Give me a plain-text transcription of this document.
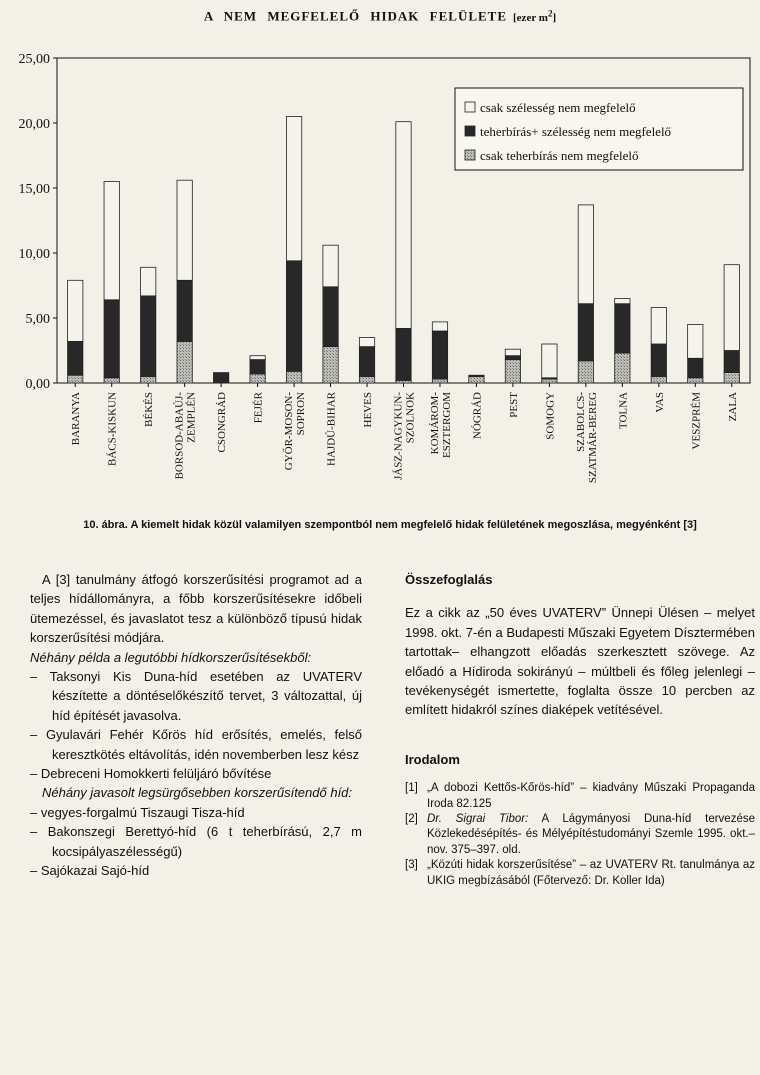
A NEM MEGFELELŐ HIDAK FELÜLETE [ezer $m^2$]
0,00
5,00
10,00
15,00
20,00
25,00
BARANYA BÁCS-KISKUN BÉKÉS BORSOD-ABAÚJ- ZEMPLÉN CSONGRÁD FEJÉR GYŐR-MOSON- SOPRON HAJDÚ-BIHAR HEVES JÁSZ-NAGYKUN- SZOLNOK KOMÁROM- ESZTERGOM NÓGRÁD PEST SOMOGY SZABOLCS- SZATMÁR-BEREG TOLNA VAS VESZPRÉM ZALA
csak szélesség nem megfelelő
teherbírás+ szélesség nem megfelelő
csak teherbírás nem megfelelő
10. ábra. A kiemelt hidak közül valamilyen szempontból nem megfelelő hidak felületének megoszlása, megyénként [3]

A [3] tanulmány átfogó korszerűsítési programot ad a teljes hídállományra, a főbb korszerűsítésekre időbeli ütemezéssel, és javaslatot tesz a különböző típusú hidak korszerűsítési módjára.

Néhány példa a legutóbbi hídkorszerűsítésekből:

– Taksonyi Kis Duna-híd esetében az UVATERV készítette a döntéselőkészítő tervet, 3 változattal, új híd építését javasolva.

– Gyulavári Fehér Kőrös híd erősítés, emelés, felső keresztkötés eltávolítás, idén novemberben lesz kész

– Debreceni Homokkerti felüljáró bővítése

Néhány javasolt legsürgősebben korszerűsítendő híd:

– vegyes-forgalmú Tiszaugi Tisza-híd

– Bakonszegi Berettyó-híd (6 t teherbírású, 2,7 m kocsipályaszélességű)

– Sajókazai Sajó-híd

Összefoglalás

Ez a cikk az „50 éves UVATERV” Ünnepi Ülésen – melyet 1998. okt. 7-én a Budapesti Műszaki Egyetem Dísztermében tartottak– elhangzott előadás szerkesztett szövege. Az előadó a Hídiroda sokirányú – múltbeli és főleg jelenlegi – tevékenységét ismertette, foglalta össze 10 percben az említett hidakról színes diaképek vetítésével.

Irodalom
[1] „A dobozi Kettős-Kőrös-híd” – kiadvány Műszaki Propaganda Iroda 82.125
[2] Dr. Sigrai Tibor: A Lágymányosi Duna-híd tervezése Közlekedésépítés- és Mélyépítéstudományi Szemle 1995. okt.–nov. 375–397. old.
[3] „Közúti hidak korszerűsítése” – az UVATERV Rt. tanulmánya az UKIG megbízásából (Főtervező: Dr. Koller Ida)
